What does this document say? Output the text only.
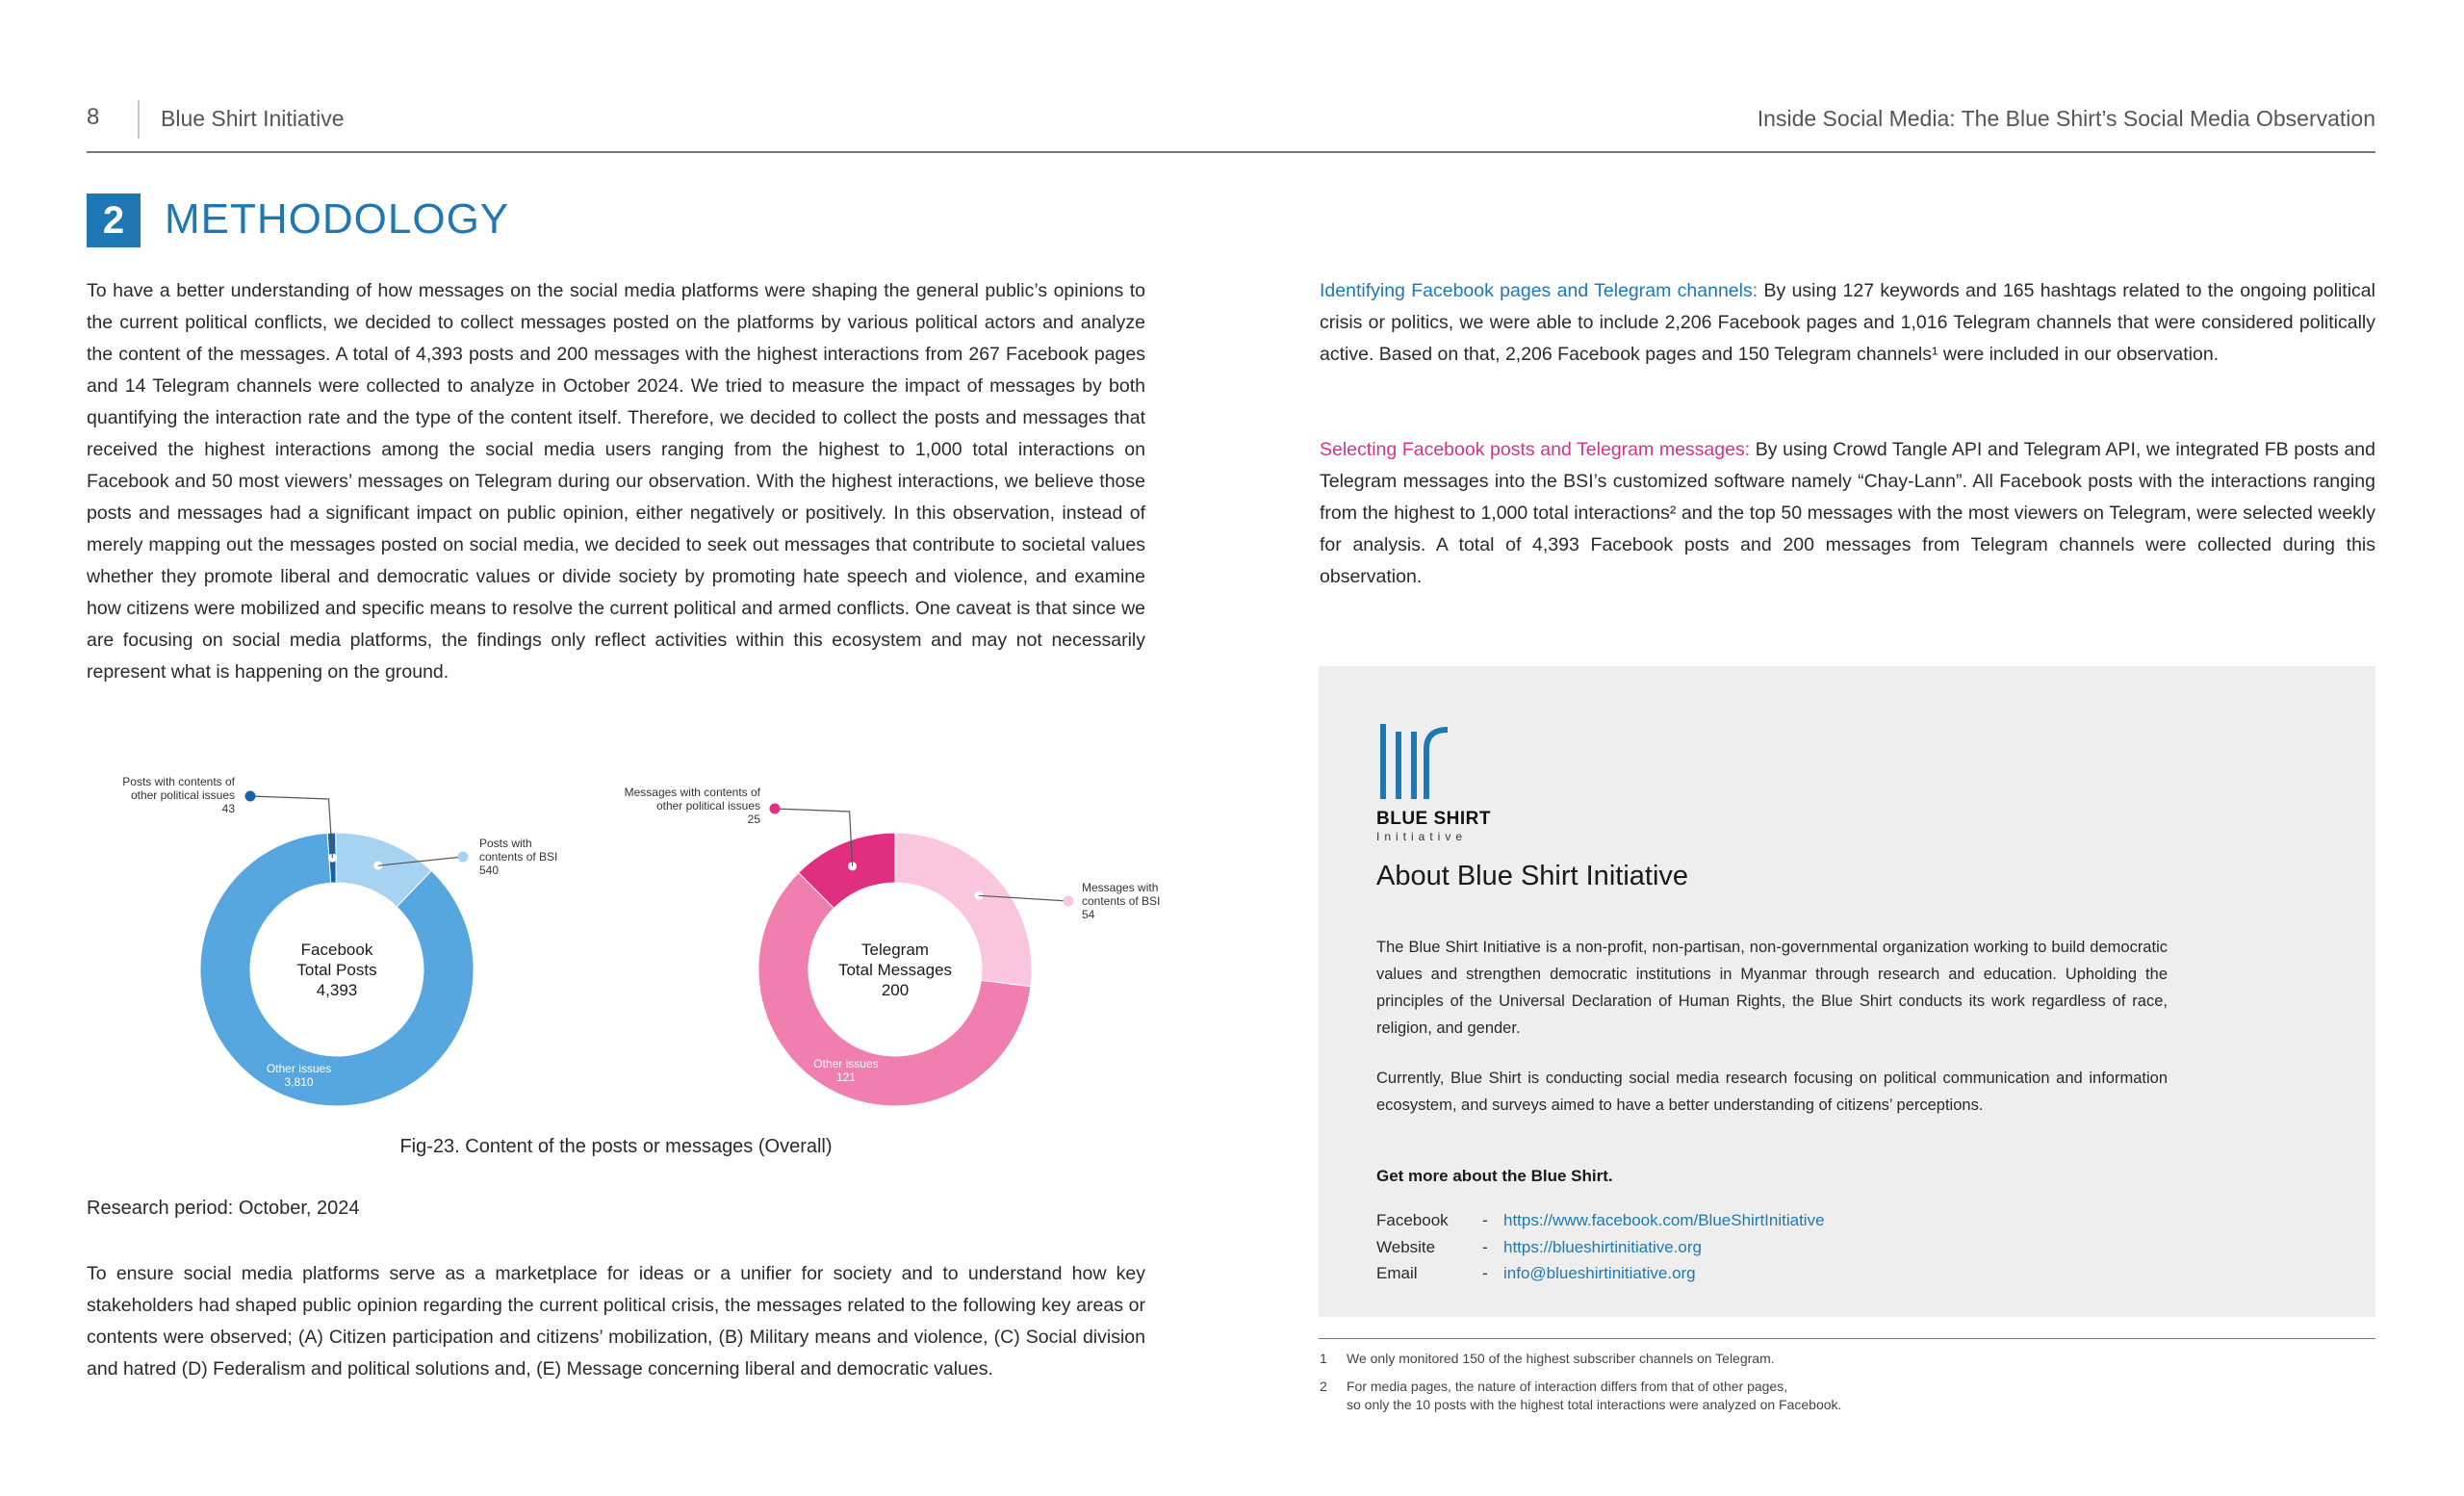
8	Blue Shirt Initiative	Inside Social Media: The Blue Shirt’s Social Media Observation
2 METHODOLOGY

To have a better understanding of how messages on the social media platforms were shaping the general public’s opinions to the current political conflicts, we decided to collect messages posted on the platforms by various political actors and analyze the content of the messages. A total of 4,393 posts and 200 messages with the highest interactions from 267 Facebook pages and 14 Telegram channels were collected to analyze in October 2024. We tried to measure the impact of messages by both quantifying the interaction rate and the type of the content itself. Therefore, we decided to collect the posts and messages that received the highest interactions among the social media users ranging from the highest to 1,000 total interactions on Facebook and 50 most viewers’ messages on Telegram during our observation. With the highest interactions, we believe those posts and messages had a significant impact on public opinion, either negatively or positively. In this observation, instead of merely mapping out the messages posted on social media, we decided to seek out messages that contribute to societal values whether they promote liberal and democratic values or divide society by promoting hate speech and violence, and examine how citizens were mobilized and specific means to resolve the current political and armed conflicts. One caveat is that since we are focusing on social media platforms, the findings only reflect activities within this ecosystem and may not necessarily represent what is happening on the ground.

Identifying Facebook pages and Telegram channels: By using 127 keywords and 165 hashtags related to the ongoing political crisis or politics, we were able to include 2,206 Facebook pages and 1,016 Telegram channels that were considered politically active. Based on that, 2,206 Facebook pages and 150 Telegram channels¹ were included in our observation.

Selecting Facebook posts and Telegram messages: By using Crowd Tangle API and Telegram API, we integrated FB posts and Telegram messages into the BSI’s customized software namely “Chay-Lann”. All Facebook posts with the interactions ranging from the highest to 1,000 total interactions² and the top 50 messages with the most viewers on Telegram, were selected weekly for analysis. A total of 4,393 Facebook posts and 200 messages from Telegram channels were collected during this observation.

Facebook
Total Posts
4,393
Posts with contents of
other political issues
43
Posts with
contents of BSI
540
Other issues
3,810
Telegram
Total Messages
200
Messages with
contents of BSI
54
Other issues
121
Messages with contents of
other political issues
25
Fig-23. Content of the posts or messages (Overall)
Research period: October, 2024

To ensure social media platforms serve as a marketplace for ideas or a unifier for society and to understand how key stakeholders had shaped public opinion regarding the current political crisis, the messages related to the following key areas or contents were observed; (A) Citizen participation and citizens’ mobilization, (B) Military means and violence, (C) Social division and hatred (D) Federalism and political solutions and, (E) Message concerning liberal and democratic values.

BLUE SHIRT
Initiative
About Blue Shirt Initiative

The Blue Shirt Initiative is a non-profit, non-partisan, non-governmental organization working to build democratic values and strengthen democratic institutions in Myanmar through research and education. Upholding the principles of the Universal Declaration of Human Rights, the Blue Shirt conducts its work regardless of race, religion, and gender.

Currently, Blue Shirt is conducting social media research focusing on political communication and information ecosystem, and surveys aimed to have a better understanding of citizens’ perceptions.

Get more about the Blue Shirt.
Facebook	- https://www.facebook.com/BlueShirtInitiative
Website	- https://blueshirtinitiative.org
Email	- info@blueshirtinitiative.org
1	We only monitored 150 of the highest subscriber channels on Telegram.
2	For media pages, the nature of interaction differs from that of other pages,
so only the 10 posts with the highest total interactions were analyzed on Facebook.
